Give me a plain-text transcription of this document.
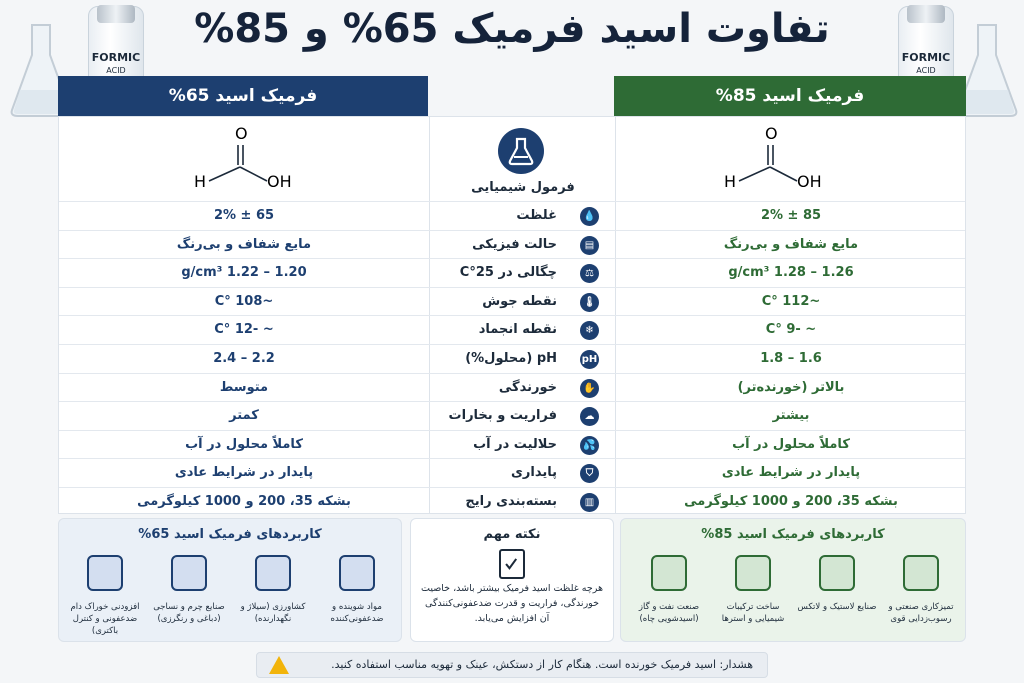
تفاوت اسید فرمیک 65% و 85%
FORMIC
ACID
FORMIC
ACID
فرمیک اسید 65%	فرمیک اسید 85%
H
O
OH	H
O
OH
65 ± 2%	غلظت	💧	85 ± 2%
مایع شفاف و بی‌رنگ	حالت فیزیکی	▤	مایع شفاف و بی‌رنگ
1.20 – 1.22 g/cm³	چگالی در 25°C	⚖	1.26 – 1.28 g/cm³
~108 °C	نقطه جوش	🌡	~112 °C
~ -12 °C	نقطه انجماد	❄	~ -9 °C
2.2 – 2.4	pH (محلول%) pH	1.6 – 1.8
متوسط	خورندگی	✋	بالاتر (خورنده‌تر)
کمتر	فراریت و بخارات	☁	بیشتر
کاملاً محلول در آب	حلالیت در آب	💦	کاملاً محلول در آب
پایدار در شرایط عادی	پایداری	⛉	پایدار در شرایط عادی
بشکه 35، 200 و 1000 کیلوگرمی	بسته‌بندی رایج	▥	بشکه 35، 200 و 1000 کیلوگرمی
فرمول شیمیایی
کاربردهای فرمیک اسید 65%
مواد شوینده و ضدعفونی‌کننده
کشاورزی (سیلاژ و نگهدارنده)
صنایع چرم و نساجی (دباغی و رنگرزی)
افزودنی خوراک دام ضدعفونی و کنترل باکتری)
نکته مهم
هرچه غلظت اسید فرمیک بیشتر باشد، خاصیت خورندگی، فراریت و قدرت ضدعفونی‌کنندگی آن افزایش می‌یابد.
کاربردهای فرمیک اسید 85%
تمیزکاری صنعتی و رسوب‌زدایی قوی
صنایع لاستیک و لاتکس
ساخت ترکیبات شیمیایی و استرها
صنعت نفت و گاز (اسیدشویی چاه)
هشدار: اسید فرمیک خورنده است. هنگام کار از دستکش، عینک و تهویه مناسب استفاده کنید.
